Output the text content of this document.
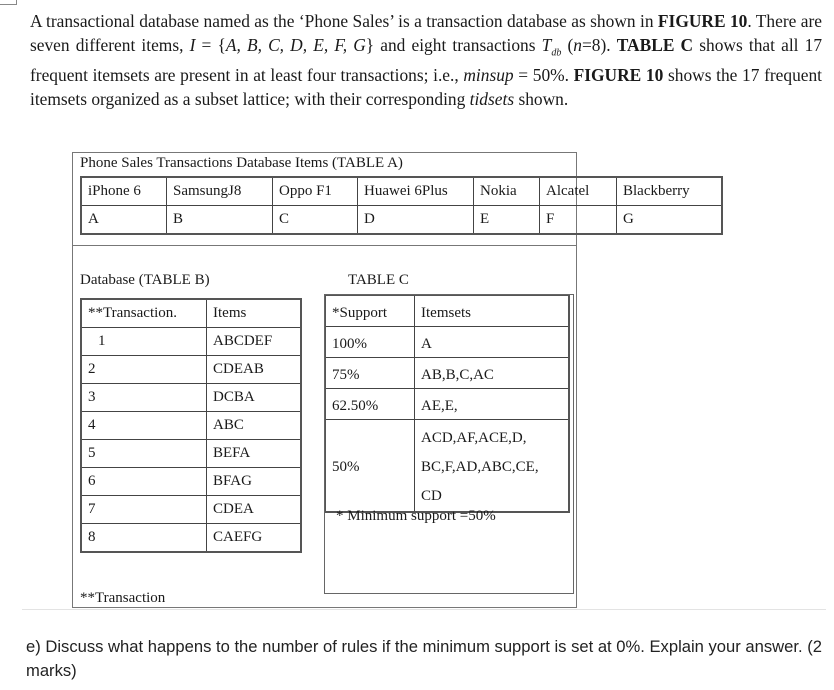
A transactional database named as the ‘Phone Sales’ is a transaction database as shown in FIGURE 10. There are seven different items, I = {A, B, C, D, E, F, G} and eight transactions $T_{db}$ (n=8). TABLE C shows that all 17 frequent itemsets are present in at least four transactions; i.e., minsup = 50%. FIGURE 10 shows the 17 frequent itemsets organized as a subset lattice; with their corresponding tidsets shown.
Phone Sales Transactions Database Items (TABLE A)
iPhone 6	SamsungJ8	Oppo F1	Huawei 6Plus	Nokia	Alcatel	Blackberry
A	B	C	D	E	F	G
Database (TABLE B)
**Transaction.	Items
1	ABCDEF
2	CDEAB
3	DCBA
4	ABC
5	BEFA
6	BFAG
7	CDEA
8	CAEFG
**Transaction
TABLE C
*Support	Itemsets
100%	A
75%	AB,B,C,AC
62.50%	AE,E,
50%	ACD,AF,ACE,D,
BC,F,AD,ABC,CE,
CD
* Minimum support =50%
e) Discuss what happens to the number of rules if the minimum support is set at 0%. Explain your answer. (2 marks)
